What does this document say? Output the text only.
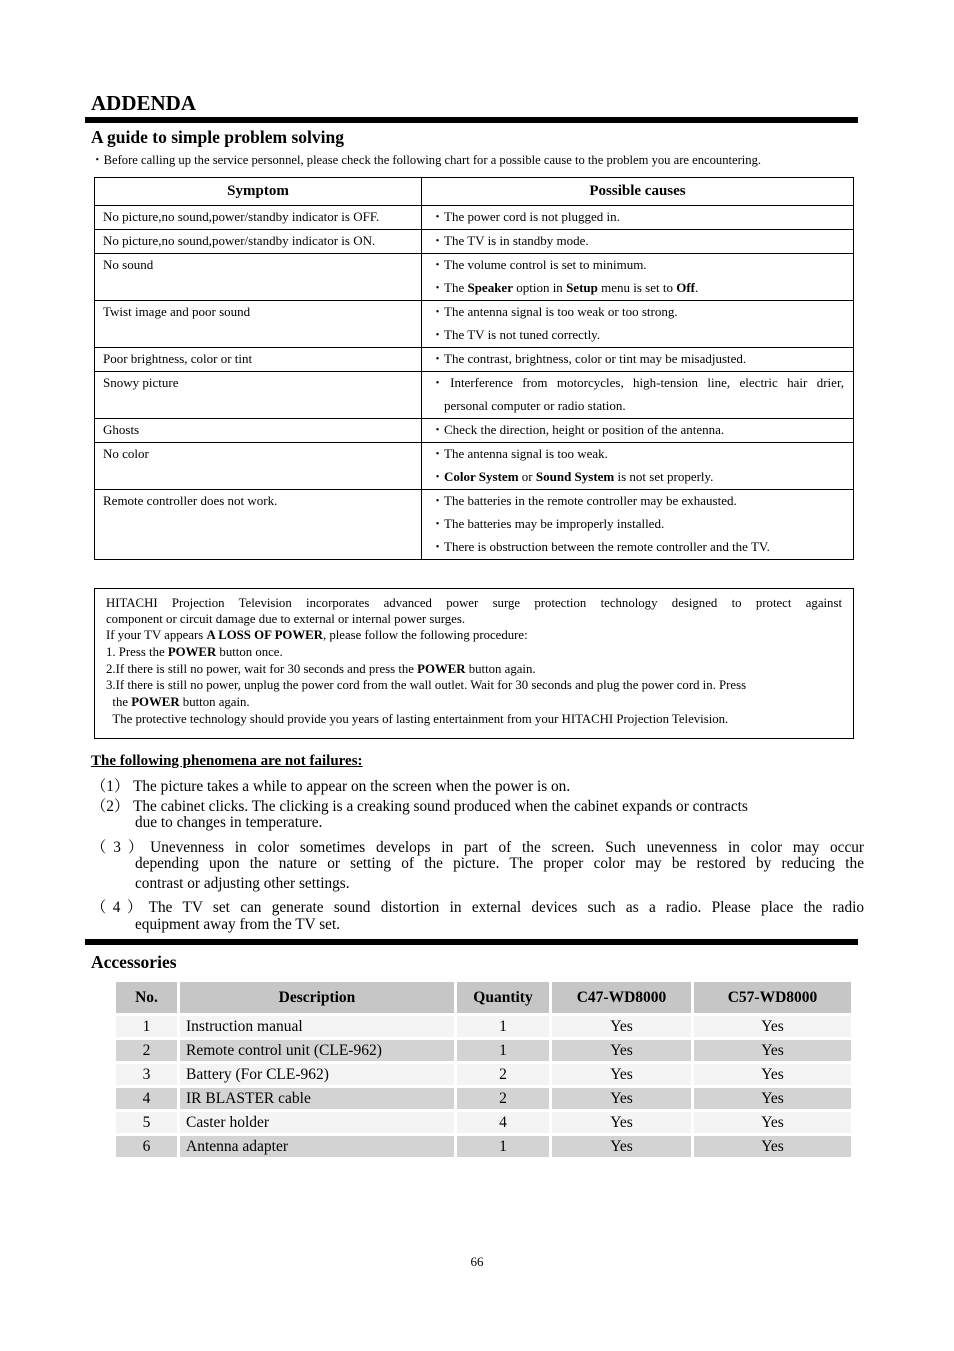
ADDENDA
A guide to simple problem solving
・Before calling up the service personnel, please check the following chart for a possible cause to the problem you are encountering.
Symptom	Possible causes

No picture,no sound,power/standby indicator is OFF.	・The power cord is not plugged in.

No picture,no sound,power/standby indicator is ON.	・The TV is in standby mode.

No sound	・The volume control is set to minimum.
・The Speaker option in Setup menu is set to Off.

Twist image and poor sound	・The antenna signal is too weak or too strong.
・The TV is not tuned correctly.

Poor brightness, color or tint	・The contrast, brightness, color or tint may be misadjusted.

Snowy picture	・Interference from motorcycles, high-tension line, electric hair drier,
　personal computer or radio station.

Ghosts	・Check the direction, height or position of the antenna.

No color	・The antenna signal is too weak.
・Color System or Sound System is not set properly.

Remote controller does not work.	・The batteries in the remote controller may be exhausted.
・The batteries may be improperly installed.
・There is obstruction between the remote controller and the TV.
HITACHI Projection Television incorporates advanced power surge protection technology designed to protect against
component or circuit damage due to external or internal power surges.
If your TV appears A LOSS OF POWER, please follow the following procedure:
1. Press the POWER button once.
2.If there is still no power, wait for 30 seconds and press the POWER button again.
3.If there is still no power, unplug the power cord from the wall outlet. Wait for 30 seconds and plug the power cord in. Press
the POWER button again.
The protective technology should provide you years of lasting entertainment from your HITACHI Projection Television.
The following phenomena are not failures:
（1） The picture takes a while to appear on the screen when the power is on.
（2） The cabinet clicks. The clicking is a creaking sound produced when the cabinet expands or contracts
due to changes in temperature.
（3）Unevenness in color sometimes develops in part of the screen. Such unevenness in color may occur
depending upon the nature or setting of the picture. The proper color may be restored by reducing the
contrast or adjusting other settings.
（4）The TV set can generate sound distortion in external devices such as a radio. Please place the radio
equipment away from the TV set.
Accessories
No.	Description	Quantity	C47-WD8000	C57-WD8000
1	Instruction manual	1	Yes	Yes
2	Remote control unit (CLE-962)	1	Yes	Yes
3	Battery (For CLE-962)	2	Yes	Yes
4	IR BLASTER cable	2	Yes	Yes
5	Caster holder	4	Yes	Yes
6	Antenna adapter	1	Yes	Yes
66
